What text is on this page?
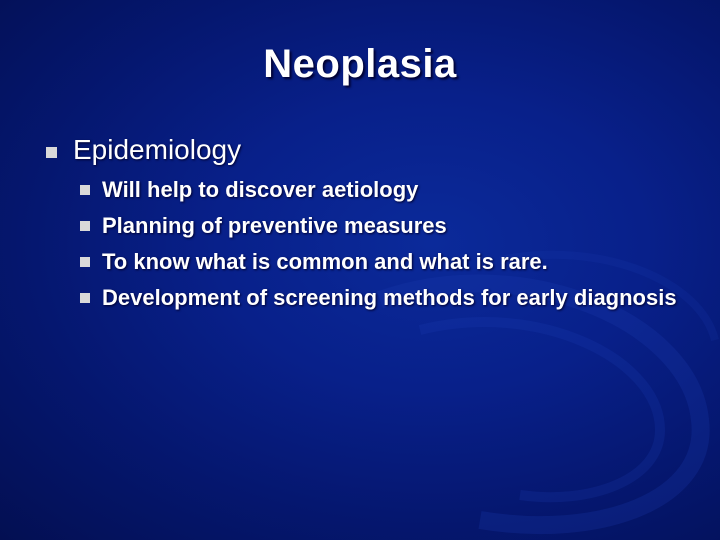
Neoplasia
Epidemiology
Will help to discover aetiology
Planning of preventive measures
To know what is common and what is rare.
Development of screening methods for early diagnosis
